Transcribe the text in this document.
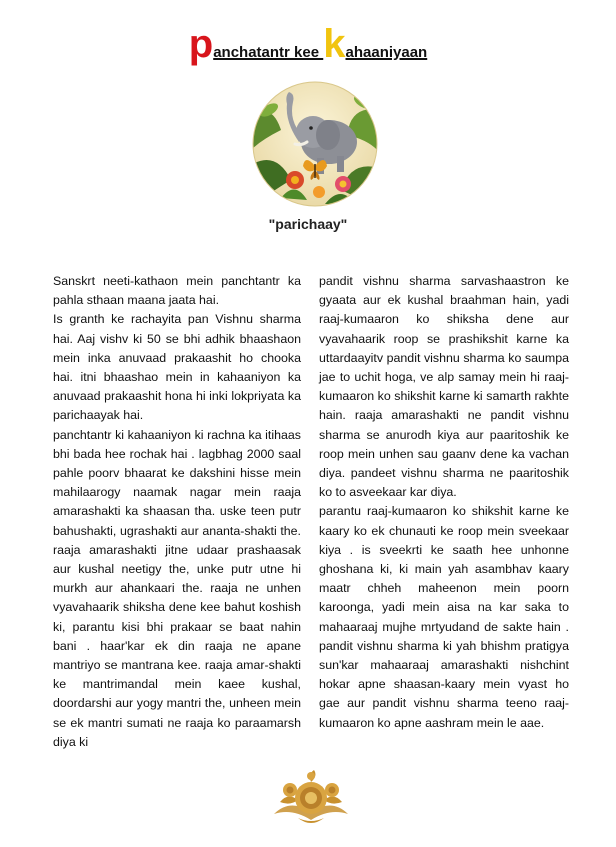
panchatantr kee kahaaniyaan
"parichaay"

Sanskrt neeti-kathaon mein panchtantr ka pahla sthaan maana jaata hai.

Is granth ke rachayita pan Vishnu sharma hai. Aaj vishv ki 50 se bhi adhik bhaashaon mein inka anuvaad prakaashit ho chooka hai. itni bhaashao mein in kahaaniyon ka anuvaad prakaashit hona hi inki lokpriyata ka parichaayak hai.

panchtantr ki kahaaniyon ki rachna ka itihaas bhi bada hee rochak hai . lagbhag 2000 saal pahle poorv bhaarat ke dakshini hisse mein mahilaarogy naamak nagar mein raaja amarashakti ka shaasan tha. uske teen putr bahushakti, ugrashakti aur ananta-shakti the. raaja amarashakti jitne udaar prashaasak aur kushal neetigy the, unke putr utne hi murkh aur ahankaari the. raaja ne unhen vyavahaarik shiksha dene kee bahut koshish ki, parantu kisi bhi prakaar se baat nahin bani . haar'kar ek din raaja ne apane mantriyo se mantrana kee. raaja amar-shakti ke mantrimandal mein kaee kushal, doordarshi aur yogy mantri the, unheen mein se ek mantri sumati ne raaja ko paraamarsh diya ki

pandit vishnu sharma sarvashaastron ke gyaata aur ek kushal braahman hain, yadi raaj-kumaaron ko shiksha dene aur vyavahaarik roop se prashikshit karne ka uttardaayitv pandit vishnu sharma ko saumpa jae to uchit hoga, ve alp samay mein hi raaj-kumaaron ko shikshit karne ki samarth rakhte hain. raaja amarashakti ne pandit vishnu sharma se anurodh kiya aur paaritoshik ke roop mein unhen sau gaanv dene ka vachan diya. pandeet vishnu sharma ne paaritoshik ko to asveekaar kar diya.

parantu raaj-kumaaron ko shikshit karne ke kaary ko ek chunauti ke roop mein sveekaar kiya . is sveekrti ke saath hee unhonne ghoshana ki, ki main yah asambhav kaary maatr chheh maheenon mein poorn karoonga, yadi mein aisa na kar saka to mahaaraaj mujhe mrtyudand de sakte hain . pandit vishnu sharma ki yah bhishm pratigya sun'kar mahaaraaj amarashakti nishchint hokar apne shaasan-kaary mein vyast ho gae aur pandit vishnu sharma teeno raaj-kumaaron ko apne aashram mein le aae.
